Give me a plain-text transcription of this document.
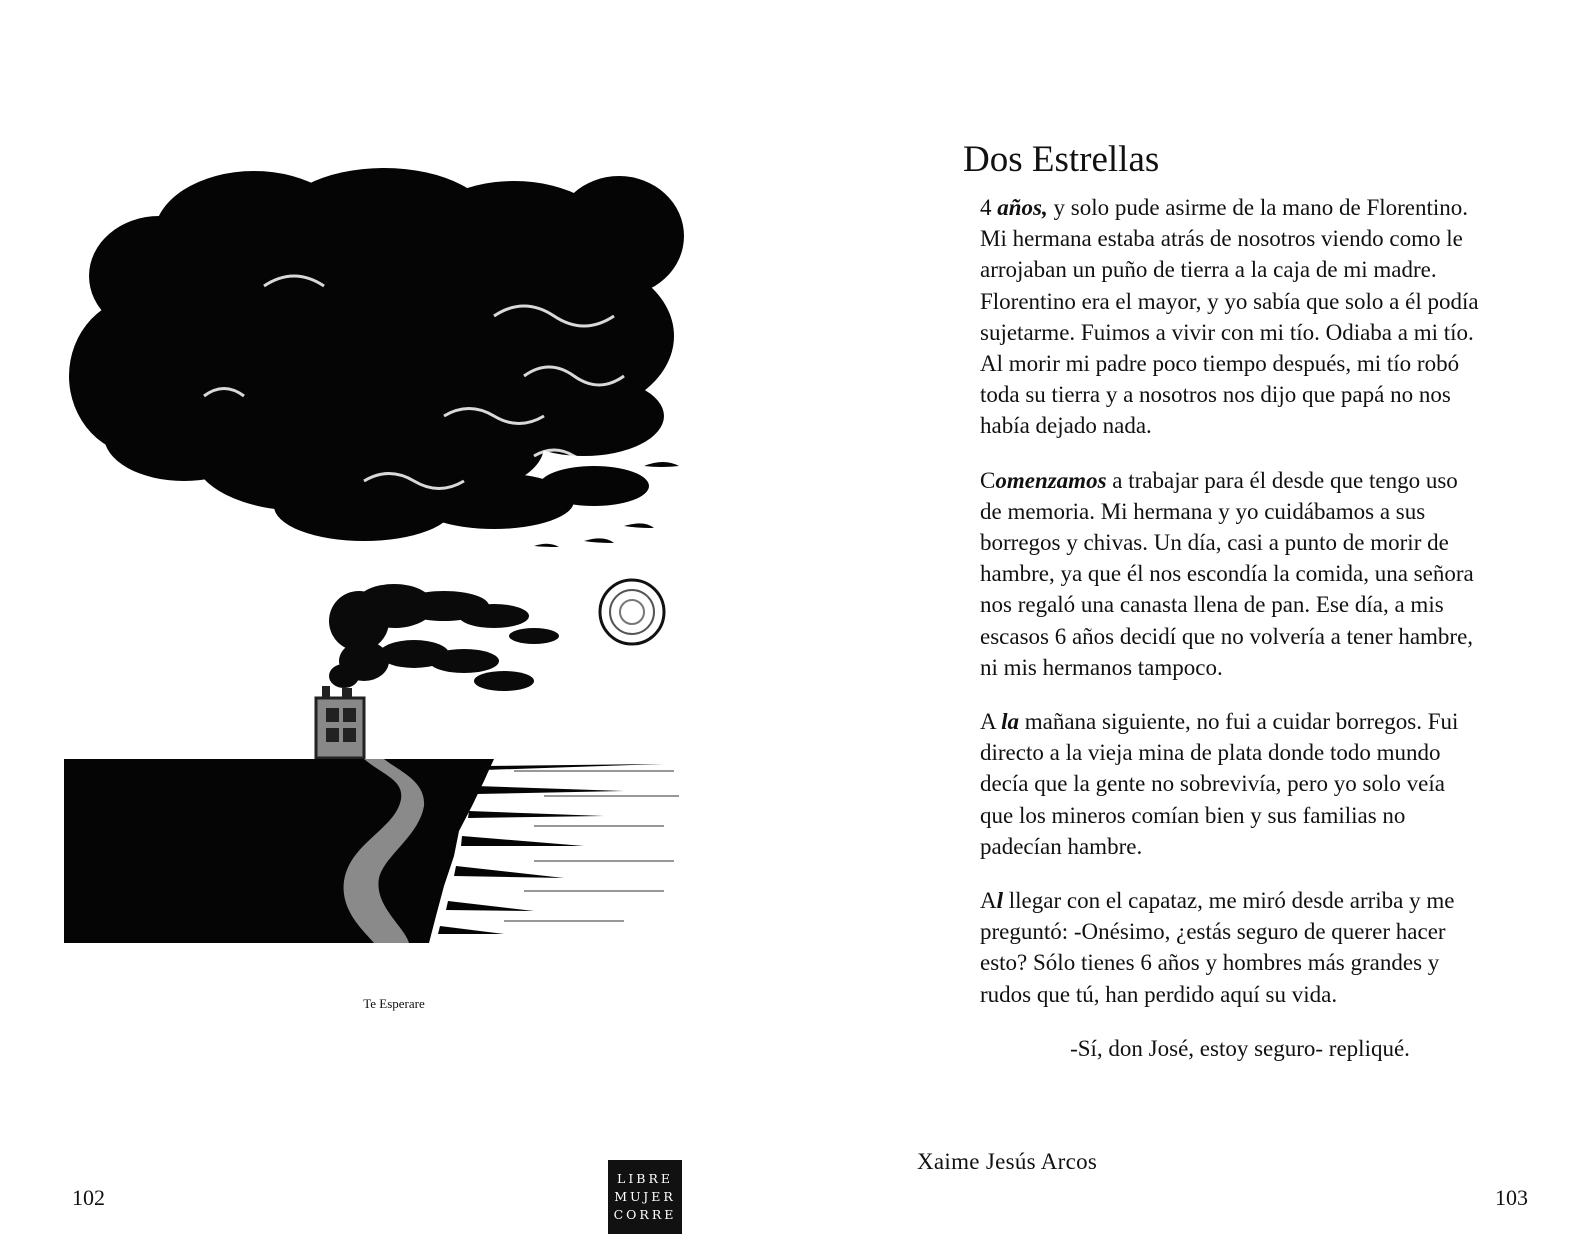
Te Esperare
102
LIBRE
MUJER
CORRE
Dos Estrellas

4 años, y solo pude asirme de la mano de Florentino. Mi hermana estaba atrás de nosotros viendo como le arrojaban un puño de tierra a la caja de mi madre. Florentino era el mayor, y yo sabía que solo a él podía sujetarme. Fuimos a vivir con mi tío. Odiaba a mi tío. Al morir mi padre poco tiempo después, mi tío robó toda su tierra y a nosotros nos dijo que papá no nos había dejado nada.

Comenzamos a trabajar para él desde que tengo uso de memoria. Mi hermana y yo cuidábamos a sus borregos y chivas. Un día, casi a punto de morir de hambre, ya que él nos escondía la comida, una señora nos regaló una canasta llena de pan. Ese día, a mis escasos 6 años decidí que no volvería a tener hambre, ni mis hermanos tampoco.

A la mañana siguiente, no fui a cuidar borregos. Fui directo a la vieja mina de plata donde todo mundo decía que la gente no sobrevivía, pero yo solo veía que los mineros comían bien y sus familias no padecían hambre.

Al llegar con el capataz, me miró desde arriba y me preguntó: -Onésimo, ¿estás seguro de querer hacer esto? Sólo tienes 6 años y hombres más grandes y rudos que tú, han perdido aquí su vida.

-Sí, don José, estoy seguro- repliqué.

Xaime Jesús Arcos
103
